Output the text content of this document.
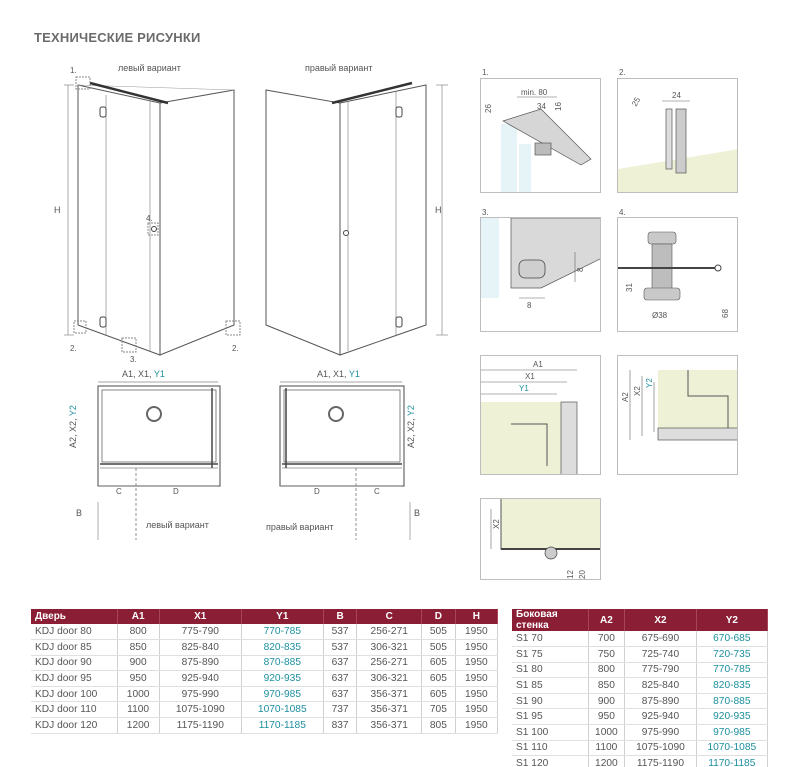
ТЕХНИЧЕСКИЕ РИСУНКИ
левый вариант
H
1.
2.
3.
4.
2.
правый вариант
H
A1, X1, Y1
C	D
B
левый вариант
A2, X2, Y2
A1, X1, Y1
D	C
правый вариант
B
A2, X2, Y2
1.
min. 80
34
26	16
2.
24
25
3.
8
8
4.
31
Ø38	68
A1
X1
Y1
A2
X2
Y2
X2
12 20
Дверь	A1	X1	Y1	B	C	D	H
KDJ door 80	800	775-790	770-785	537	256-271	505	1950
KDJ door 85	850	825-840	820-835	537	306-321	505	1950
KDJ door 90	900	875-890	870-885	637	256-271	605	1950
KDJ door 95	950	925-940	920-935	637	306-321	605	1950
KDJ door 100	1000	975-990	970-985	637	356-371	605	1950
KDJ door 110	1100	1075-1090	1070-1085	737	356-371	705	1950
KDJ door 120	1200	1175-1190	1170-1185	837	356-371	805	1950
Боковая стенка	A2	X2	Y2
S1 70	700	675-690	670-685
S1 75	750	725-740	720-735
S1 80	800	775-790	770-785
S1 85	850	825-840	820-835
S1 90	900	875-890	870-885
S1 95	950	925-940	920-935
S1 100	1000	975-990	970-985
S1 110	1100	1075-1090	1070-1085
S1 120	1200	1175-1190	1170-1185
